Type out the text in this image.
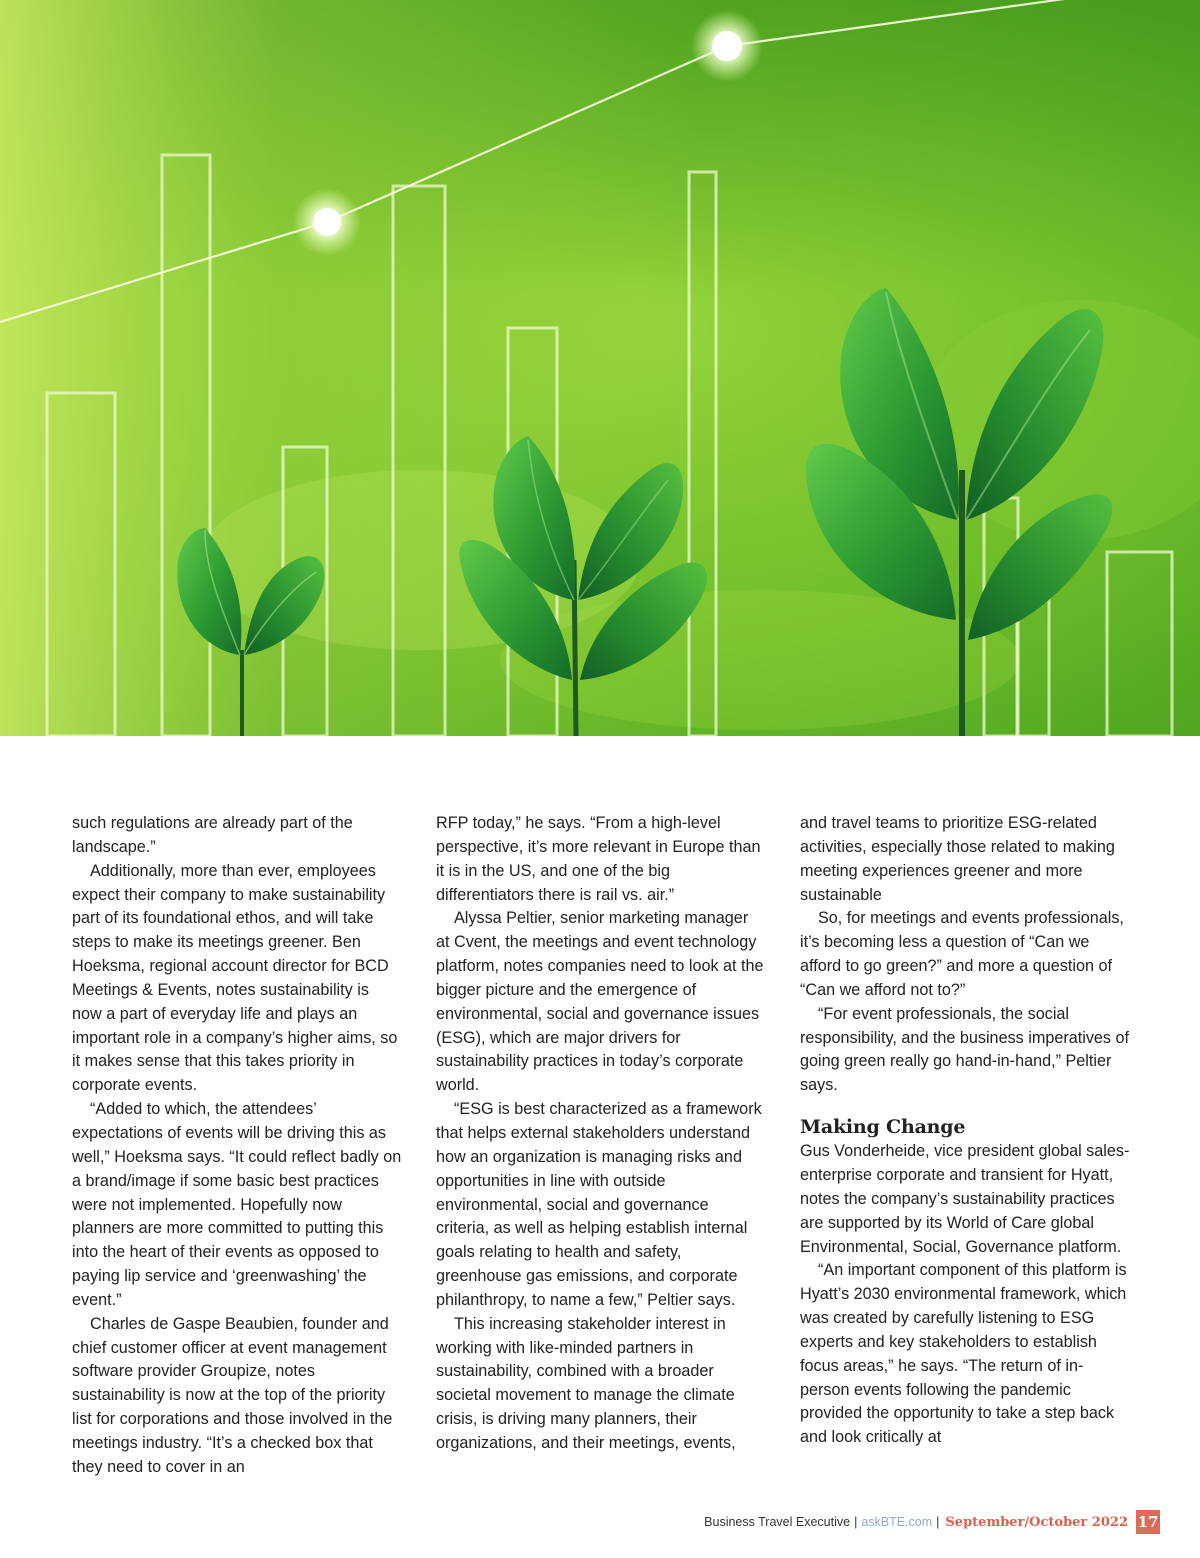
such regulations are already part of the landscape.”

Additionally, more than ever, employees expect their company to make sustainability part of its foundational ethos, and will take steps to make its meetings greener. Ben Hoeksma, regional account director for BCD Meetings & Events, notes sustainability is now a part of everyday life and plays an important role in a company’s higher aims, so it makes sense that this takes priority in corporate events.

“Added to which, the attendees’ expectations of events will be driving this as well,” Hoeksma says. “It could reflect badly on a brand/image if some basic best practices were not implemented. Hopefully now planners are more committed to putting this into the heart of their events as opposed to paying lip service and ‘greenwashing’ the event.”

Charles de Gaspe Beaubien, founder and chief customer officer at event management software provider Groupize, notes sustainability is now at the top of the priority list for corporations and those involved in the meetings industry. “It’s a checked box that they need to cover in an

RFP today,” he says. “From a high-level perspective, it’s more relevant in Europe than it is in the US, and one of the big differentiators there is rail vs. air.”

Alyssa Peltier, senior marketing manager at Cvent, the meetings and event technology platform, notes companies need to look at the bigger picture and the emergence of environmental, social and governance issues (ESG), which are major drivers for sustainability practices in today’s corporate world.

“ESG is best characterized as a framework that helps external stakeholders understand how an organization is managing risks and opportunities in line with outside environmental, social and governance criteria, as well as helping establish internal goals relating to health and safety, greenhouse gas emissions, and corporate philanthropy, to name a few,” Peltier says.

This increasing stakeholder interest in working with like-minded partners in sustainability, combined with a broader societal movement to manage the climate crisis, is driving many planners, their organizations, and their meetings, events,

and travel teams to prioritize ESG-related activities, especially those related to making meeting experiences greener and more sustainable

So, for meetings and events professionals, it’s becoming less a question of “Can we afford to go green?” and more a question of “Can we afford not to?”

“For event professionals, the social responsibility, and the business imperatives of going green really go hand-in-hand,” Peltier says.

Making Change

Gus Vonderheide, vice president global sales-enterprise corporate and transient for Hyatt, notes the company’s sustainability practices are supported by its World of Care global Environmental, Social, Governance platform.

“An important component of this platform is Hyatt’s 2030 environmental framework, which was created by carefully listening to ESG experts and key stakeholders to establish focus areas,” he says. “The return of in-person events following the pandemic provided the opportunity to take a step back and look critically at

Business Travel Executive | askBTE.com | September/October 2022 17
